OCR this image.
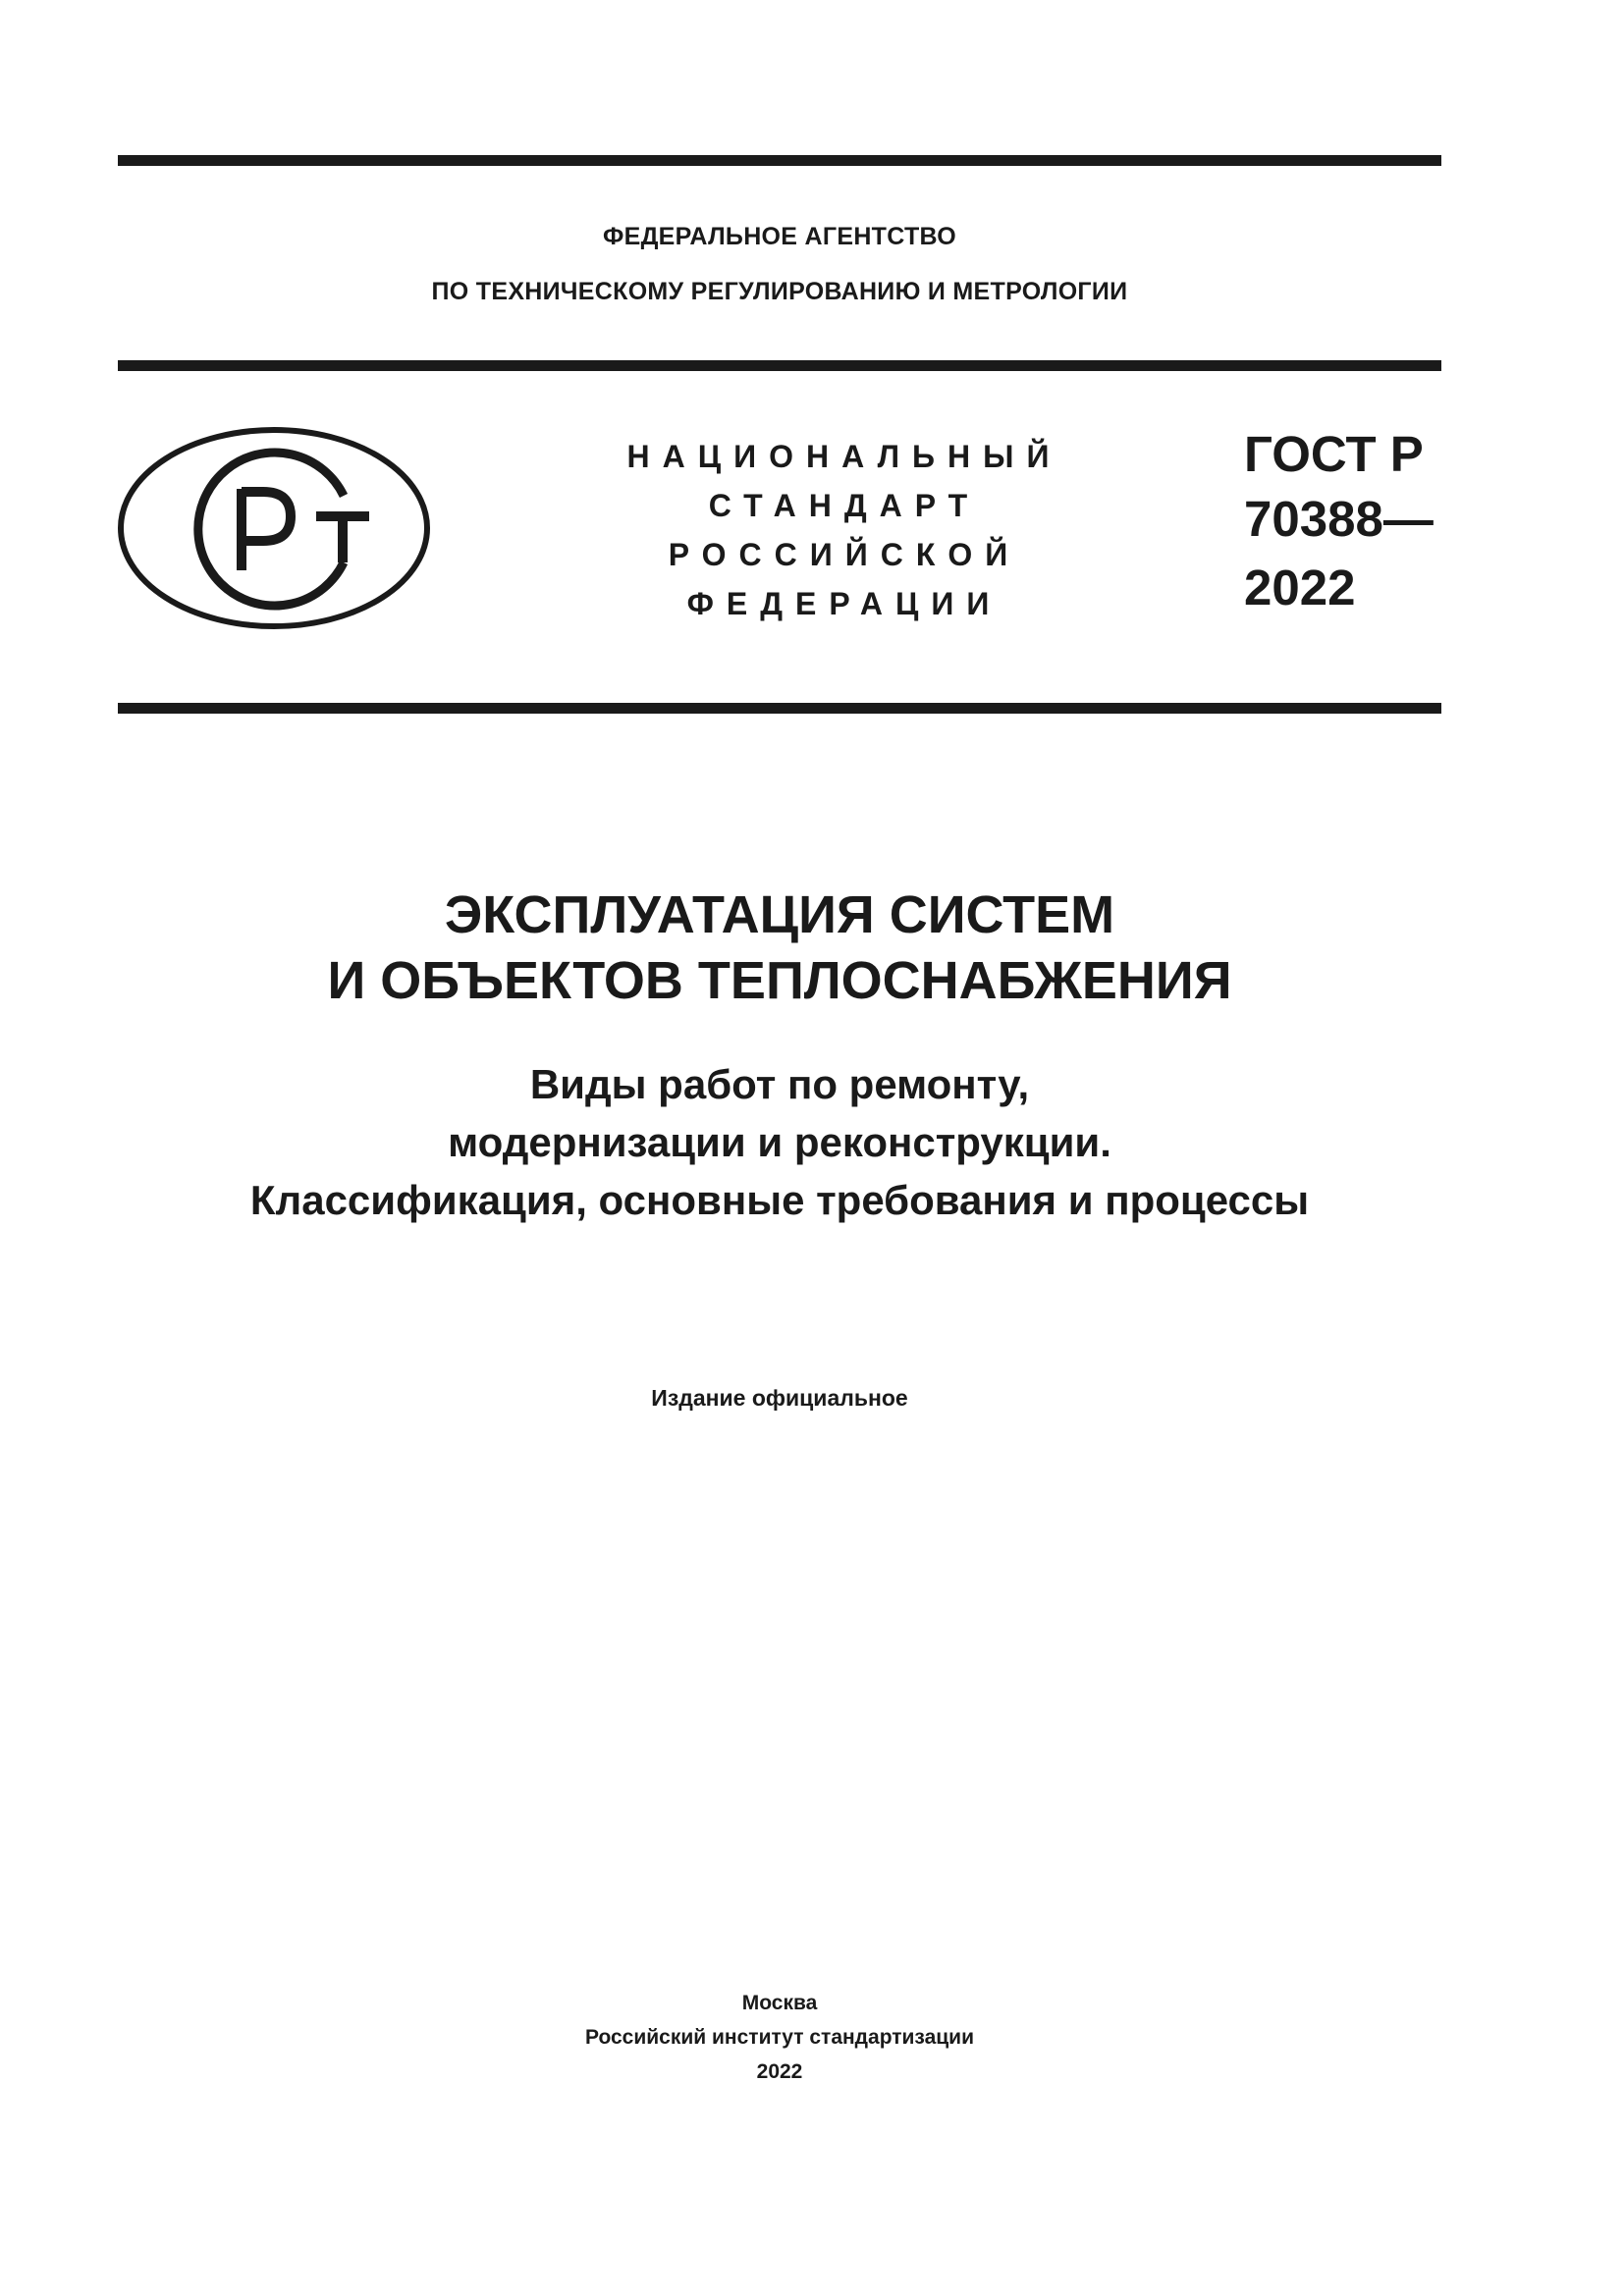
ФЕДЕРАЛЬНОЕ АГЕНТСТВО
ПО ТЕХНИЧЕСКОМУ РЕГУЛИРОВАНИЮ И МЕТРОЛОГИИ
НАЦИОНАЛЬНЫЙ
СТАНДАРТ
РОССИЙСКОЙ
ФЕДЕРАЦИИ
ГОСТ Р
70388—
2022
ЭКСПЛУАТАЦИЯ СИСТЕМ
И ОБЪЕКТОВ ТЕПЛОСНАБЖЕНИЯ
Виды работ по ремонту,
модернизации и реконструкции.
Классификация, основные требования и процессы
Издание официальное
Москва
Российский институт стандартизации
2022
